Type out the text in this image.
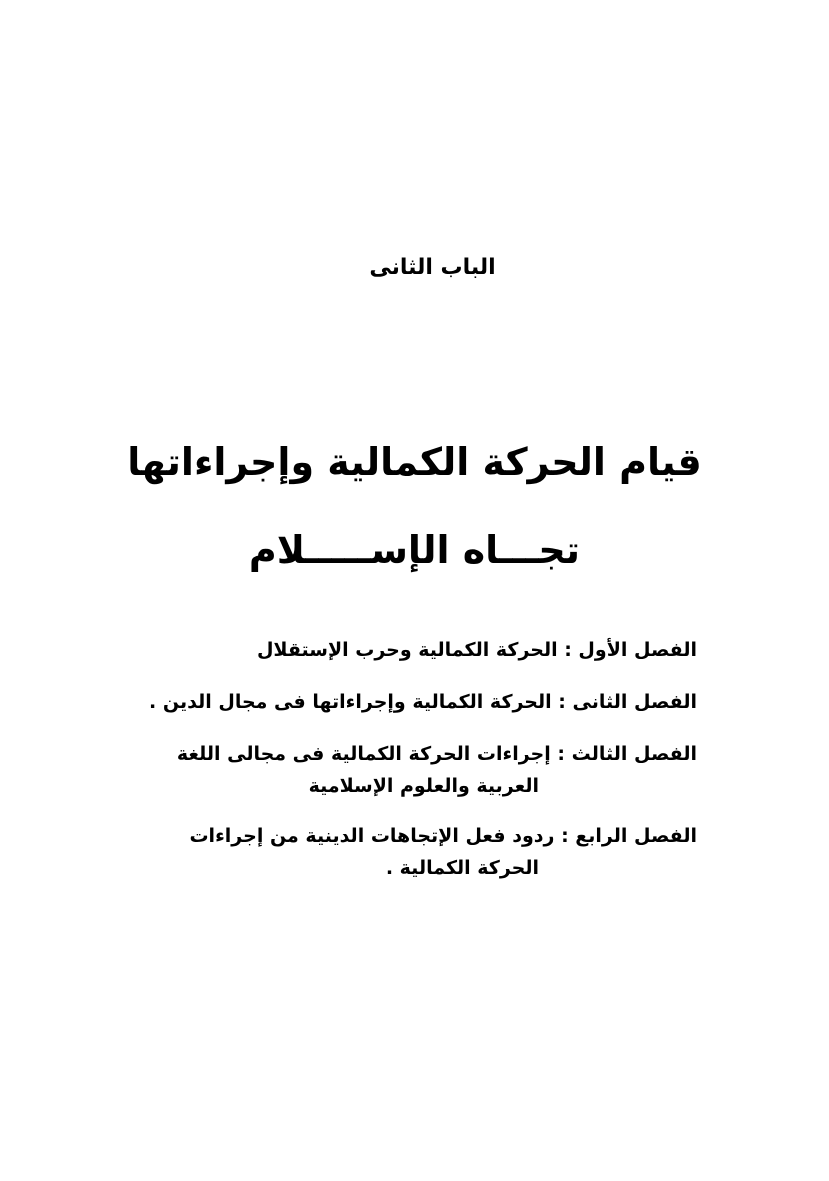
الباب الثانى
قيام الحركة الكمالية وإجراءاتها
تجـــاه الإســـــلام

الفصل الأول : الحركة الكمالية وحرب الإستقلال

الفصل الثانى : الحركة الكمالية وإجراءاتها فى مجال الدين .

الفصل الثالث : إجراءات الحركة الكمالية فى مجالى اللغة
العربية والعلوم الإسلامية

الفصل الرابع : ردود فعل الإتجاهات الدينية من إجراءات
الحركة الكمالية .
